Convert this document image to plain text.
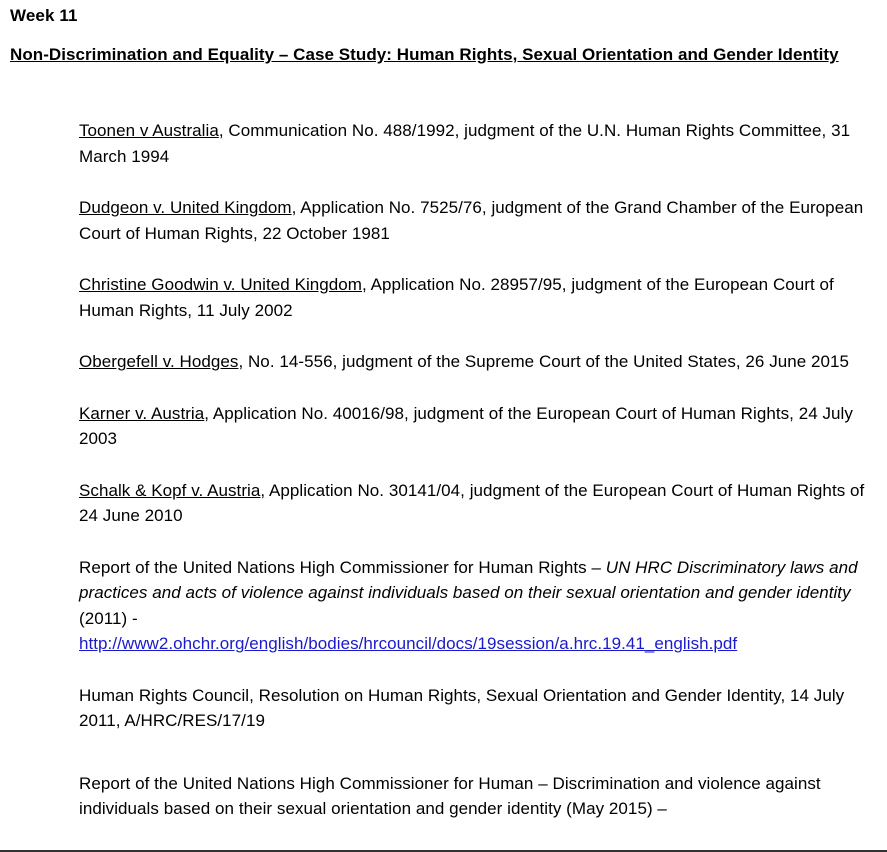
Week 11
Non-Discrimination and Equality – Case Study: Human Rights, Sexual Orientation and Gender Identity
Toonen v Australia, Communication No. 488/1992, judgment of the U.N. Human Rights Committee, 31 March 1994
Dudgeon v. United Kingdom, Application No. 7525/76, judgment of the Grand Chamber of the European Court of Human Rights, 22 October 1981
Christine Goodwin v. United Kingdom, Application No. 28957/95, judgment of the European Court of Human Rights, 11 July 2002
Obergefell v. Hodges, No. 14-556, judgment of the Supreme Court of the United States, 26 June 2015
Karner v. Austria, Application No. 40016/98, judgment of the European Court of Human Rights, 24 July 2003
Schalk & Kopf v. Austria, Application No. 30141/04, judgment of the European Court of Human Rights of 24 June 2010
Report of the United Nations High Commissioner for Human Rights – UN HRC Discriminatory laws and practices and acts of violence against individuals based on their sexual orientation and gender identity (2011) -
http://www2.ohchr.org/english/bodies/hrcouncil/docs/19session/a.hrc.19.41_english.pdf
Human Rights Council, Resolution on Human Rights, Sexual Orientation and Gender Identity, 14 July 2011, A/HRC/RES/17/19
Report of the United Nations High Commissioner for Human – Discrimination and violence against individuals based on their sexual orientation and gender identity (May 2015) –
